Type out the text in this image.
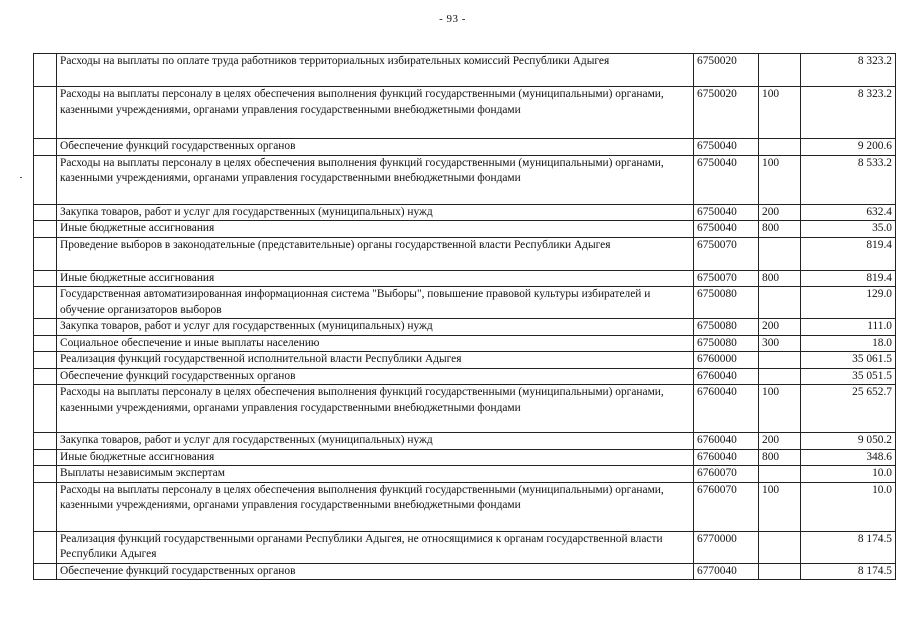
- 93 -
	Расходы на выплаты по оплате труда работников территориальных избирательных комиссий Республики Адыгея	6750020		8 323.2
	Расходы на выплаты персоналу в целях обеспечения выполнения функций государственными (муниципальными) органами, казенными учреждениями, органами управления государственными внебюджетными фондами	6750020	100	8 323.2
	Обеспечение функций государственных органов	6750040		9 200.6
	Расходы на выплаты персоналу в целях обеспечения выполнения функций государственными (муниципальными) органами, казенными учреждениями, органами управления государственными внебюджетными фондами	6750040	100	8 533.2
	Закупка товаров, работ и услуг для государственных (муниципальных) нужд	6750040	200	632.4
	Иные бюджетные ассигнования	6750040	800	35.0
	Проведение выборов в законодательные (представительные) органы государственной власти Республики Адыгея	6750070		819.4
	Иные бюджетные ассигнования	6750070	800	819.4
	Государственная автоматизированная информационная система "Выборы", повышение правовой культуры избирателей и обучение организаторов выборов	6750080		129.0
	Закупка товаров, работ и услуг для государственных (муниципальных) нужд	6750080	200	111.0
	Социальное обеспечение и иные выплаты населению	6750080	300	18.0
	Реализация функций государственной исполнительной власти Республики Адыгея	6760000		35 061.5
	Обеспечение функций государственных органов	6760040		35 051.5
	Расходы на выплаты персоналу в целях обеспечения выполнения функций государственными (муниципальными) органами, казенными учреждениями, органами управления государственными внебюджетными фондами	6760040	100	25 652.7
	Закупка товаров, работ и услуг для государственных (муниципальных) нужд	6760040	200	9 050.2
	Иные бюджетные ассигнования	6760040	800	348.6
	Выплаты независимым экспертам	6760070		10.0
	Расходы на выплаты персоналу в целях обеспечения выполнения функций государственными (муниципальными) органами, казенными учреждениями, органами управления государственными внебюджетными фондами	6760070	100	10.0
	Реализация функций государственными органами Республики Адыгея, не относящимися к органам государственной власти Республики Адыгея	6770000		8 174.5
	Обеспечение функций государственных органов	6770040		8 174.5
